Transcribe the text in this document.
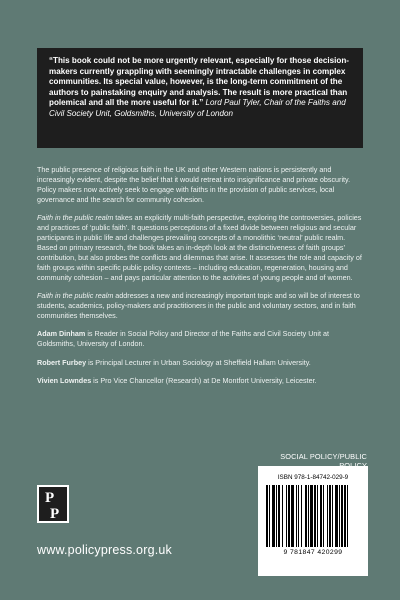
“This book could not be more urgently relevant, especially for those decision-makers currently grappling with seemingly intractable challenges in complex communities. Its special value, however, is the long-term commitment of the authors to painstaking enquiry and analysis. The result is more practical than polemical and all the more useful for it.” Lord Paul Tyler, Chair of the Faiths and Civil Society Unit, Goldsmiths, University of London

The public presence of religious faith in the UK and other Western nations is persistently and increasingly evident, despite the belief that it would retreat into insignificance and private obscurity. Policy makers now actively seek to engage with faiths in the provision of public services, local governance and the search for community cohesion.

Faith in the public realm takes an explicitly multi-faith perspective, exploring the controversies, policies and practices of ‘public faith’. It questions perceptions of a fixed divide between religious and secular participants in public life and challenges prevailing concepts of a monolithic ‘neutral’ public realm. Based on primary research, the book takes an in-depth look at the distinctiveness of faith groups’ contribution, but also probes the conflicts and dilemmas that arise. It assesses the role and capacity of faith groups within specific public policy contexts – including education, regeneration, housing and community cohesion – and pays particular attention to the activities of young people and of women.

Faith in the public realm addresses a new and increasingly important topic and so will be of interest to students, academics, policy-makers and practitioners in the public and voluntary sectors, and in faith communities themselves.

Adam Dinham is Reader in Social Policy and Director of the Faiths and Civil Society Unit at Goldsmiths, University of London.

Robert Furbey is Principal Lecturer in Urban Sociology at Sheffield Hallam University.

Vivien Lowndes is Pro Vice Chancellor (Research) at De Montfort University, Leicester.

SOCIAL POLICY/PUBLIC
ISBN 978-1-84742-029-9
9 781847 420299
P
P
www.policypress.org.uk
